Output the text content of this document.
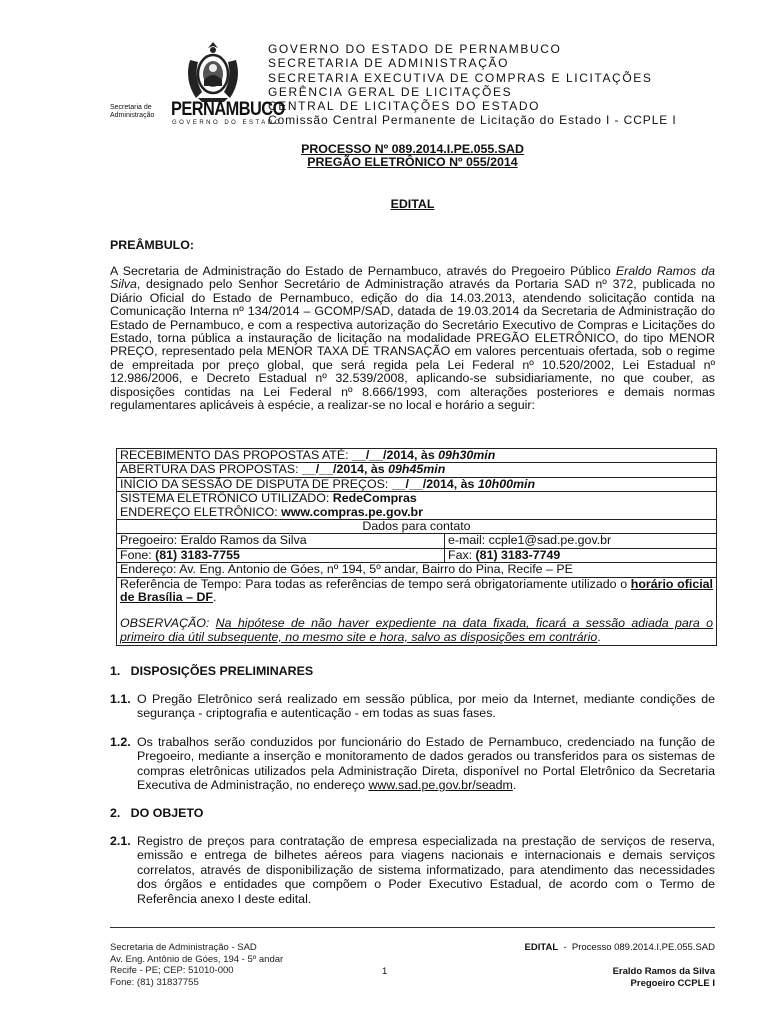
PERNAMBUCO
GOVERNO DO ESTADO
Secretaria de Administração
GOVERNO DO ESTADO DE PERNAMBUCO
SECRETARIA DE ADMINISTRAÇÃO
SECRETARIA EXECUTIVA DE COMPRAS E LICITAÇÕES
GERÊNCIA GERAL DE LICITAÇÕES
CENTRAL DE LICITAÇÕES DO ESTADO
Comissão Central Permanente de Licitação do Estado I - CCPLE I
PROCESSO Nº 089.2014.I.PE.055.SAD
PREGÃO ELETRÔNICO Nº 055/2014
EDITAL
PREÂMBULO:
A Secretaria de Administração do Estado de Pernambuco, através do Pregoeiro Público Eraldo Ramos da Silva, designado pelo Senhor Secretário de Administração através da Portaria SAD nº 372, publicada no Diário Oficial do Estado de Pernambuco, edição do dia 14.03.2013, atendendo solicitação contida na Comunicação Interna nº 134/2014 – GCOMP/SAD, datada de 19.03.2014 da Secretaria de Administração do Estado de Pernambuco, e com a respectiva autorização do Secretário Executivo de Compras e Licitações do Estado, torna pública a instauração de licitação na modalidade PREGÃO ELETRÔNICO, do tipo MENOR PREÇO, representado pela MENOR TAXA DE TRANSAÇÃO em valores percentuais ofertada, sob o regime de empreitada por preço global, que será regida pela Lei Federal nº 10.520/2002, Lei Estadual nº 12.986/2006, e Decreto Estadual nº 32.539/2008, aplicando-se subsidiariamente, no que couber, as disposições contidas na Lei Federal nº 8.666/1993, com alterações posteriores e demais normas regulamentares aplicáveis à espécie, a realizar-se no local e horário a seguir:
RECEBIMENTO DAS PROPOSTAS ATÉ: __/__/2014, às 09h30min	
ABERTURA DAS PROPOSTAS: __/__/2014, às 09h45min	
INÍCIO DA SESSÃO DE DISPUTA DE PREÇOS: __/__/2014, às 10h00min	
SISTEMA ELETRÔNICO UTILIZADO: RedeCompras	
ENDEREÇO ELETRÔNICO: www.compras.pe.gov.br	
Dados para contato	
Pregoeiro: Eraldo Ramos da Silva	e-mail: ccple1@sad.pe.gov.br
Fone: (81) 3183-7755	Fax: (81) 3183-7749
Endereço: Av. Eng. Antonio de Góes, nº 194, 5º andar, Bairro do Pina, Recife – PE	
Referência de Tempo: Para todas as referências de tempo será obrigatoriamente utilizado o horário oficial de Brasília – DF.
OBSERVAÇÃO: Na hipótese de não haver expediente na data fixada, ficará a sessão adiada para o primeiro dia útil subsequente, no mesmo site e hora, salvo as disposições em contrário.	
1.   DISPOSIÇÕES PRELIMINARES
1.1. O Pregão Eletrônico será realizado em sessão pública, por meio da Internet, mediante condições de segurança - criptografia e autenticação - em todas as suas fases.
1.2. Os trabalhos serão conduzidos por funcionário do Estado de Pernambuco, credenciado na função de Pregoeiro, mediante a inserção e monitoramento de dados gerados ou transferidos para os sistemas de compras eletrônicas utilizados pela Administração Direta, disponível no Portal Eletrônico da Secretaria Executiva de Administração, no endereço www.sad.pe.gov.br/seadm.
2.   DO OBJETO
2.1. Registro de preços para contratação de empresa especializada na prestação de serviços de reserva, emissão e entrega de bilhetes aéreos para viagens nacionais e internacionais e demais serviços correlatos, através de disponibilização de sistema informatizado, para atendimento das necessidades dos órgãos e entidades que compõem o Poder Executivo Estadual, de acordo com o Termo de Referência anexo I deste edital.
Secretaria de Administração - SAD
Av. Eng. Antônio de Góes, 194 - 5º andar
Recife - PE; CEP: 51010-000
Fone: (81) 31837755
1
EDITAL  -  Processo 089.2014.I.PE.055.SAD
Eraldo Ramos da Silva
Pregoeiro CCPLE I
